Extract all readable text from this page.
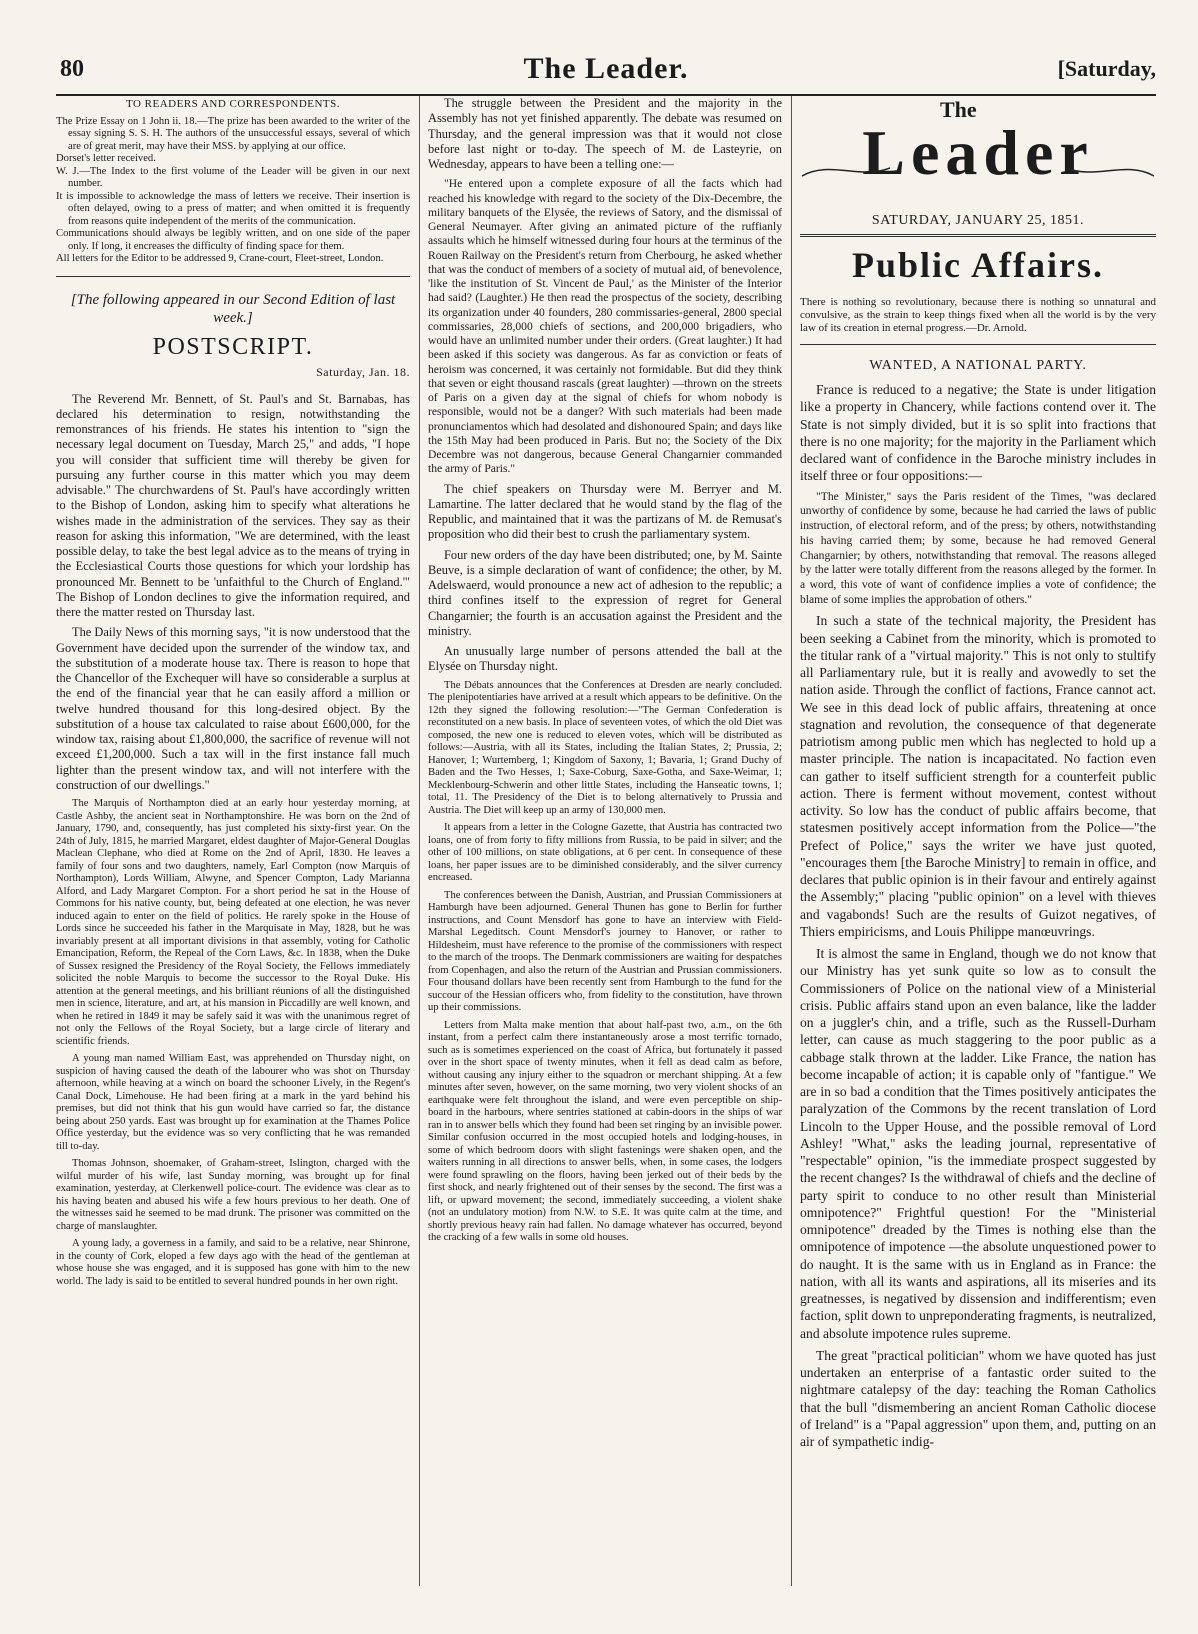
80	The Leader.	[Saturday,
TO READERS AND CORRESPONDENTS.

The Prize Essay on 1 John ii. 18.—The prize has been awarded to the writer of the essay signing S. S. H. The authors of the unsuccessful essays, several of which are of great merit, may have their MSS. by applying at our office.

Dorset's letter received.

W. J.—The Index to the first volume of the Leader will be given in our next number.

It is impossible to acknowledge the mass of letters we receive. Their insertion is often delayed, owing to a press of matter; and when omitted it is frequently from reasons quite independent of the merits of the communication.

Communications should always be legibly written, and on one side of the paper only. If long, it encreases the difficulty of finding space for them.

All letters for the Editor to be addressed 9, Crane-court, Fleet-street, London.

[The following appeared in our Second Edition of last week.]
POSTSCRIPT.
Saturday, Jan. 18.

The Reverend Mr. Bennett, of St. Paul's and St. Barnabas, has declared his determination to resign, notwithstanding the remonstrances of his friends. He states his intention to "sign the necessary legal document on Tuesday, March 25," and adds, "I hope you will consider that sufficient time will thereby be given for pursuing any further course in this matter which you may deem advisable." The churchwardens of St. Paul's have accordingly written to the Bishop of London, asking him to specify what alterations he wishes made in the administration of the services. They say as their reason for asking this information, "We are determined, with the least possible delay, to take the best legal advice as to the means of trying in the Ecclesiastical Courts those questions for which your lordship has pronounced Mr. Bennett to be 'unfaithful to the Church of England.'" The Bishop of London declines to give the information required, and there the matter rested on Thursday last.

The Daily News of this morning says, "it is now understood that the Government have decided upon the surrender of the window tax, and the substitution of a moderate house tax. There is reason to hope that the Chancellor of the Exchequer will have so considerable a surplus at the end of the financial year that he can easily afford a million or twelve hundred thousand for this long-desired object. By the substitution of a house tax calculated to raise about £600,000, for the window tax, raising about £1,800,000, the sacrifice of revenue will not exceed £1,200,000. Such a tax will in the first instance fall much lighter than the present window tax, and will not interfere with the construction of our dwellings."

The Marquis of Northampton died at an early hour yesterday morning, at Castle Ashby, the ancient seat in Northamptonshire. He was born on the 2nd of January, 1790, and, consequently, has just completed his sixty-first year. On the 24th of July, 1815, he married Margaret, eldest daughter of Major-General Douglas Maclean Clephane, who died at Rome on the 2nd of April, 1830. He leaves a family of four sons and two daughters, namely, Earl Compton (now Marquis of Northampton), Lords William, Alwyne, and Spencer Compton, Lady Marianna Alford, and Lady Margaret Compton. For a short period he sat in the House of Commons for his native county, but, being defeated at one election, he was never induced again to enter on the field of politics. He rarely spoke in the House of Lords since he succeeded his father in the Marquisate in May, 1828, but he was invariably present at all important divisions in that assembly, voting for Catholic Emancipation, Reform, the Repeal of the Corn Laws, &c. In 1838, when the Duke of Sussex resigned the Presidency of the Royal Society, the Fellows immediately solicited the noble Marquis to become the successor to the Royal Duke. His attention at the general meetings, and his brilliant réunions of all the distinguished men in science, literature, and art, at his mansion in Piccadilly are well known, and when he retired in 1849 it may be safely said it was with the unanimous regret of not only the Fellows of the Royal Society, but a large circle of literary and scientific friends.

A young man named William East, was apprehended on Thursday night, on suspicion of having caused the death of the labourer who was shot on Thursday afternoon, while heaving at a winch on board the schooner Lively, in the Regent's Canal Dock, Limehouse. He had been firing at a mark in the yard behind his premises, but did not think that his gun would have carried so far, the distance being about 250 yards. East was brought up for examination at the Thames Police Office yesterday, but the evidence was so very conflicting that he was remanded till to-day.

Thomas Johnson, shoemaker, of Graham-street, Islington, charged with the wilful murder of his wife, last Sunday morning, was brought up for final examination, yesterday, at Clerkenwell police-court. The evidence was clear as to his having beaten and abused his wife a few hours previous to her death. One of the witnesses said he seemed to be mad drunk. The prisoner was committed on the charge of manslaughter.

A young lady, a governess in a family, and said to be a relative, near Shinrone, in the county of Cork, eloped a few days ago with the head of the gentleman at whose house she was engaged, and it is supposed has gone with him to the new world. The lady is said to be entitled to several hundred pounds in her own right.

The struggle between the President and the majority in the Assembly has not yet finished apparently. The debate was resumed on Thursday, and the general impression was that it would not close before last night or to-day. The speech of M. de Lasteyrie, on Wednesday, appears to have been a telling one:—

"He entered upon a complete exposure of all the facts which had reached his knowledge with regard to the society of the Dix-Decembre, the military banquets of the Elysée, the reviews of Satory, and the dismissal of General Neumayer. After giving an animated picture of the ruffianly assaults which he himself witnessed during four hours at the terminus of the Rouen Railway on the President's return from Cherbourg, he asked whether that was the conduct of members of a society of mutual aid, of benevolence, 'like the institution of St. Vincent de Paul,' as the Minister of the Interior had said? (Laughter.) He then read the prospectus of the society, describing its organization under 40 founders, 280 commissaries-general, 2800 special commissaries, 28,000 chiefs of sections, and 200,000 brigadiers, who would have an unlimited number under their orders. (Great laughter.) It had been asked if this society was dangerous. As far as conviction or feats of heroism was concerned, it was certainly not formidable. But did they think that seven or eight thousand rascals (great laughter) —thrown on the streets of Paris on a given day at the signal of chiefs for whom nobody is responsible, would not be a danger? With such materials had been made pronunciamentos which had desolated and dishonoured Spain; and days like the 15th May had been produced in Paris. But no; the Society of the Dix Decembre was not dangerous, because General Changarnier commanded the army of Paris."

The chief speakers on Thursday were M. Berryer and M. Lamartine. The latter declared that he would stand by the flag of the Republic, and maintained that it was the partizans of M. de Remusat's proposition who did their best to crush the parliamentary system.

Four new orders of the day have been distributed; one, by M. Sainte Beuve, is a simple declaration of want of confidence; the other, by M. Adelswaerd, would pronounce a new act of adhesion to the republic; a third confines itself to the expression of regret for General Changarnier; the fourth is an accusation against the President and the ministry.

An unusually large number of persons attended the ball at the Elysée on Thursday night.

The Débats announces that the Conferences at Dresden are nearly concluded. The plenipotentiaries have arrived at a result which appears to be definitive. On the 12th they signed the following resolution:—"The German Confederation is reconstituted on a new basis. In place of seventeen votes, of which the old Diet was composed, the new one is reduced to eleven votes, which will be distributed as follows:—Austria, with all its States, including the Italian States, 2; Prussia, 2; Hanover, 1; Wurtemberg, 1; Kingdom of Saxony, 1; Bavaria, 1; Grand Duchy of Baden and the Two Hesses, 1; Saxe-Coburg, Saxe-Gotha, and Saxe-Weimar, 1; Mecklenbourg-Schwerin and other little States, including the Hanseatic towns, 1; total, 11. The Presidency of the Diet is to belong alternatively to Prussia and Austria. The Diet will keep up an army of 130,000 men.

It appears from a letter in the Cologne Gazette, that Austria has contracted two loans, one of from forty to fifty millions from Russia, to be paid in silver; and the other of 100 millions, on state obligations, at 6 per cent. In consequence of these loans, her paper issues are to be diminished considerably, and the silver currency encreased.

The conferences between the Danish, Austrian, and Prussian Commissioners at Hamburgh have been adjourned. General Thunen has gone to Berlin for further instructions, and Count Mensdorf has gone to have an interview with Field-Marshal Legeditsch. Count Mensdorf's journey to Hanover, or rather to Hildesheim, must have reference to the promise of the commissioners with respect to the march of the troops. The Denmark commissioners are waiting for despatches from Copenhagen, and also the return of the Austrian and Prussian commissioners. Four thousand dollars have been recently sent from Hamburgh to the fund for the succour of the Hessian officers who, from fidelity to the constitution, have thrown up their commissions.

Letters from Malta make mention that about half-past two, a.m., on the 6th instant, from a perfect calm there instantaneously arose a most terrific tornado, such as is sometimes experienced on the coast of Africa, but fortunately it passed over in the short space of twenty minutes, when it fell as dead calm as before, without causing any injury either to the squadron or merchant shipping. At a few minutes after seven, however, on the same morning, two very violent shocks of an earthquake were felt throughout the island, and were even perceptible on ship-board in the harbours, where sentries stationed at cabin-doors in the ships of war ran in to answer bells which they found had been set ringing by an invisible power. Similar confusion occurred in the most occupied hotels and lodging-houses, in some of which bedroom doors with slight fastenings were shaken open, and the waiters running in all directions to answer bells, when, in some cases, the lodgers were found sprawling on the floors, having been jerked out of their beds by the first shock, and nearly frightened out of their senses by the second. The first was a lift, or upward movement; the second, immediately succeeding, a violent shake (not an undulatory motion) from N.W. to S.E. It was quite calm at the time, and shortly previous heavy rain had fallen. No damage whatever has occurred, beyond the cracking of a few walls in some old houses.

The
Leader
SATURDAY, JANUARY 25, 1851.
Public Affairs.

There is nothing so revolutionary, because there is nothing so unnatural and convulsive, as the strain to keep things fixed when all the world is by the very law of its creation in eternal progress.—Dr. Arnold.

WANTED, A NATIONAL PARTY.

France is reduced to a negative; the State is under litigation like a property in Chancery, while factions contend over it. The State is not simply divided, but it is so split into fractions that there is no one majority; for the majority in the Parliament which declared want of confidence in the Baroche ministry includes in itself three or four oppositions:—

"The Minister," says the Paris resident of the Times, "was declared unworthy of confidence by some, because he had carried the laws of public instruction, of electoral reform, and of the press; by others, notwithstanding his having carried them; by some, because he had removed General Changarnier; by others, notwithstanding that removal. The reasons alleged by the latter were totally different from the reasons alleged by the former. In a word, this vote of want of confidence implies a vote of confidence; the blame of some implies the approbation of others."

In such a state of the technical majority, the President has been seeking a Cabinet from the minority, which is promoted to the titular rank of a "virtual majority." This is not only to stultify all Parliamentary rule, but it is really and avowedly to set the nation aside. Through the conflict of factions, France cannot act. We see in this dead lock of public affairs, threatening at once stagnation and revolution, the consequence of that degenerate patriotism among public men which has neglected to hold up a master principle. The nation is incapacitated. No faction even can gather to itself sufficient strength for a counterfeit public action. There is ferment without movement, contest without activity. So low has the conduct of public affairs become, that statesmen positively accept information from the Police—"the Prefect of Police," says the writer we have just quoted, "encourages them [the Baroche Ministry] to remain in office, and declares that public opinion is in their favour and entirely against the Assembly;" placing "public opinion" on a level with thieves and vagabonds! Such are the results of Guizot negatives, of Thiers empiricisms, and Louis Philippe manœuvrings.

It is almost the same in England, though we do not know that our Ministry has yet sunk quite so low as to consult the Commissioners of Police on the national view of a Ministerial crisis. Public affairs stand upon an even balance, like the ladder on a juggler's chin, and a trifle, such as the Russell-Durham letter, can cause as much staggering to the poor public as a cabbage stalk thrown at the ladder. Like France, the nation has become incapable of action; it is capable only of "fantigue." We are in so bad a condition that the Times positively anticipates the paralyzation of the Commons by the recent translation of Lord Lincoln to the Upper House, and the possible removal of Lord Ashley! "What," asks the leading journal, representative of "respectable" opinion, "is the immediate prospect suggested by the recent changes? Is the withdrawal of chiefs and the decline of party spirit to conduce to no other result than Ministerial omnipotence?" Frightful question! For the "Ministerial omnipotence" dreaded by the Times is nothing else than the omnipotence of impotence —the absolute unquestioned power to do naught. It is the same with us in England as in France: the nation, with all its wants and aspirations, all its miseries and its greatnesses, is negatived by dissension and indifferentism; even faction, split down to unpreponderating fragments, is neutralized, and absolute impotence rules supreme.

The great "practical politician" whom we have quoted has just undertaken an enterprise of a fantastic order suited to the nightmare catalepsy of the day: teaching the Roman Catholics that the bull "dismembering an ancient Roman Catholic diocese of Ireland" is a "Papal aggression" upon them, and, putting on an air of sympathetic indig-
